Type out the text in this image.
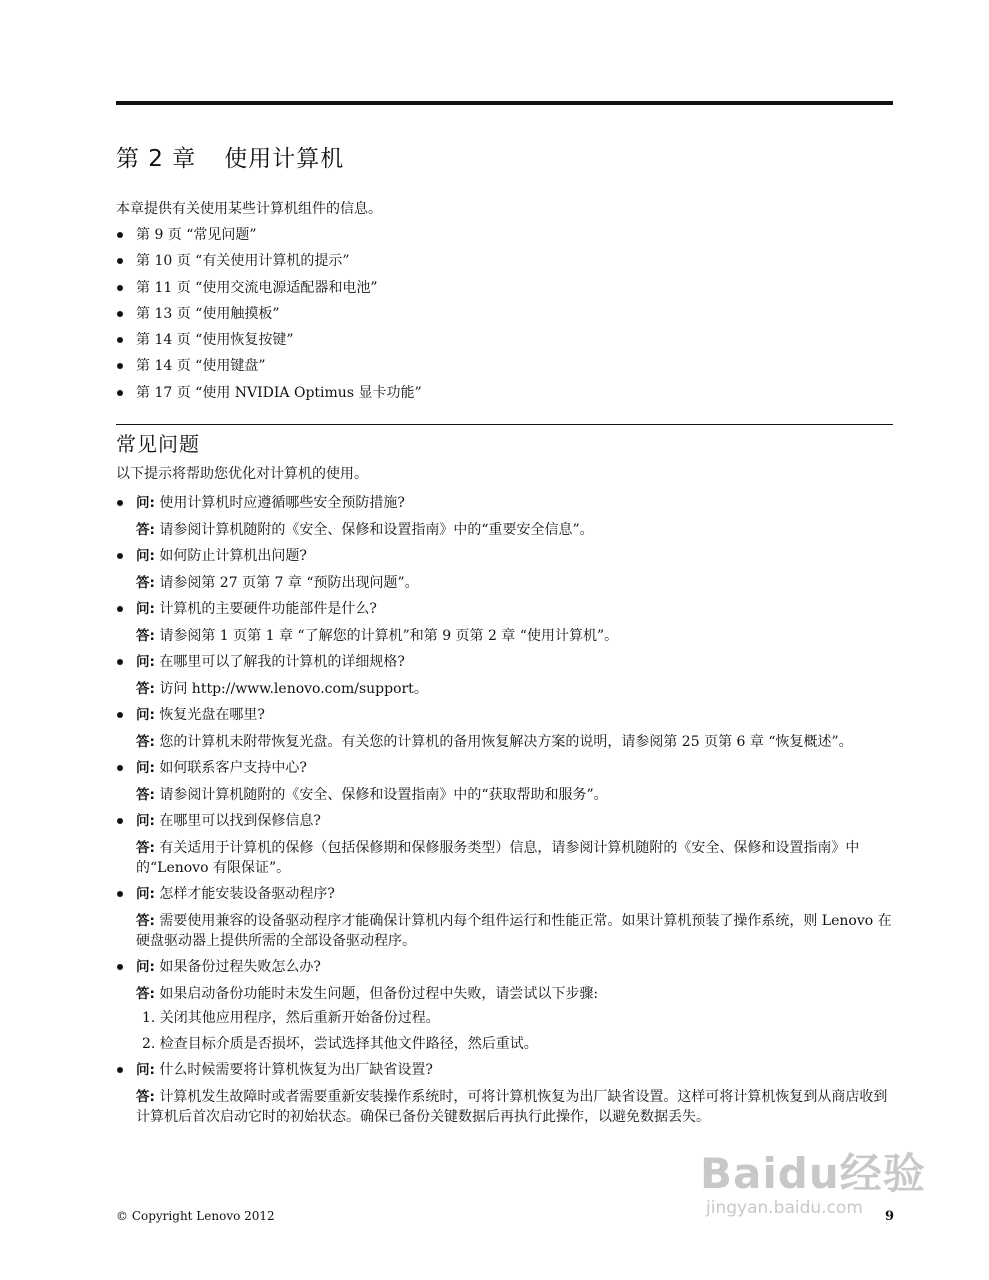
第 2 章 使用计算机

本章提供有关使用某些计算机组件的信息。

第 9 页 “常见问题”
第 10 页 “有关使用计算机的提示”
第 11 页 “使用交流电源适配器和电池”
第 13 页 “使用触摸板”
第 14 页 “使用恢复按键”
第 14 页 “使用键盘”
第 17 页 “使用 NVIDIA Optimus 显卡功能”
常见问题

以下提示将帮助您优化对计算机的使用。

问: 使用计算机时应遵循哪些安全预防措施?

答: 请参阅计算机随附的《安全、保修和设置指南》中的“重要安全信息”。

问: 如何防止计算机出问题?

答: 请参阅第 27 页第 7 章 “预防出现问题”。

问: 计算机的主要硬件功能部件是什么?

答: 请参阅第 1 页第 1 章 “了解您的计算机”和第 9 页第 2 章 “使用计算机”。

问: 在哪里可以了解我的计算机的详细规格?

答: 访问 http://www.lenovo.com/support。

问: 恢复光盘在哪里?

答: 您的计算机未附带恢复光盘。有关您的计算机的备用恢复解决方案的说明，请参阅第 25 页第 6 章 “恢复概述”。

问: 如何联系客户支持中心?

答: 请参阅计算机随附的《安全、保修和设置指南》中的“获取帮助和服务”。

问: 在哪里可以找到保修信息?

答: 有关适用于计算机的保修（包括保修期和保修服务类型）信息，请参阅计算机随附的《安全、保修和设置指南》中的“Lenovo 有限保证”。

问: 怎样才能安装设备驱动程序?

答: 需要使用兼容的设备驱动程序才能确保计算机内每个组件运行和性能正常。如果计算机预装了操作系统，则 Lenovo 在硬盘驱动器上提供所需的全部设备驱动程序。

问: 如果备份过程失败怎么办?

答: 如果启动备份功能时未发生问题，但备份过程中失败，请尝试以下步骤:

1. 关闭其他应用程序，然后重新开始备份过程。
2. 检查目标介质是否损坏，尝试选择其他文件路径，然后重试。

问: 什么时候需要将计算机恢复为出厂缺省设置?

答: 计算机发生故障时或者需要重新安装操作系统时，可将计算机恢复为出厂缺省设置。这样可将计算机恢复到从商店收到计算机后首次启动它时的初始状态。确保已备份关键数据后再执行此操作，以避免数据丢失。

Baidu经验
jingyan.baidu.com
© Copyright Lenovo 2012	9
